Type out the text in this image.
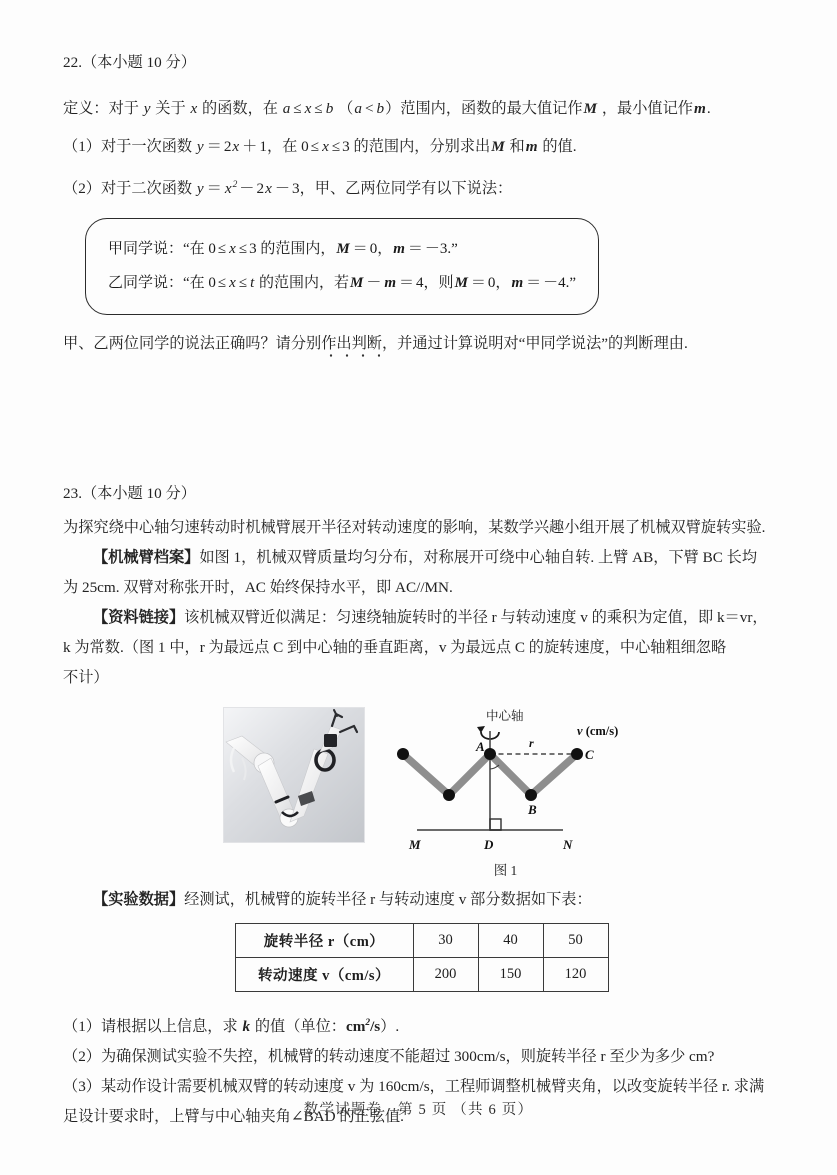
22.（本小题 10 分）
定义：对于 y 关于 x 的函数，在 a ≤ x ≤ b （a < b）范围内，函数的最大值记作M ，最小值记作m.
（1）对于一次函数 y ＝ 2x ＋ 1，在 0 ≤ x ≤ 3 的范围内，分别求出M 和m 的值.
（2）对于二次函数 $y = x^2 - 2x - 3$，甲、乙两位同学有以下说法：
甲同学说：“在 0 ≤ x ≤ 3 的范围内，M ＝ 0，m ＝ －3.”
乙同学说：“在 0 ≤ x ≤ t 的范围内，若M － m ＝ 4，则M ＝ 0，m ＝ －4.”
甲、乙两位同学的说法正确吗？请分别作出判断，并通过计算说明对“甲同学说法”的判断理由.
23.（本小题 10 分）
为探究绕中心轴匀速转动时机械臂展开半径对转动速度的影响，某数学兴趣小组开展了机械双臂旋转实验.
【机械臂档案】如图 1，机械双臂质量均匀分布，对称展开可绕中心轴自转. 上臂 AB，下臂 BC 长均
为 25cm. 双臂对称张开时，AC 始终保持水平，即 AC//MN.
【资料链接】该机械双臂近似满足：匀速绕轴旋转时的半径 r 与转动速度 v 的乘积为定值，即 k＝vr，
k 为常数.（图 1 中，r 为最远点 C 到中心轴的垂直距离，v 为最远点 C 的旋转速度，中心轴粗细忽略
不计）
中心轴
r
v (cm/s)
A
B
C
D
M	N
图 1
【实验数据】经测试，机械臂的旋转半径 r 与转动速度 v 部分数据如下表：
旋转半径 r（cm）	30	40	50
转动速度 v（cm/s）	200	150	120
（1）请根据以上信息，求 k 的值（单位：$cm^2/s$）.
（2）为确保测试实验不失控，机械臂的转动速度不能超过 300cm/s，则旋转半径 r 至少为多少 cm?
（3）某动作设计需要机械双臂的转动速度 v 为 160cm/s，工程师调整机械臂夹角，以改变旋转半径 r. 求满
足设计要求时，上臂与中心轴夹角∠BAD 的正弦值.
数学试题卷　第 5 页 （共 6 页）
